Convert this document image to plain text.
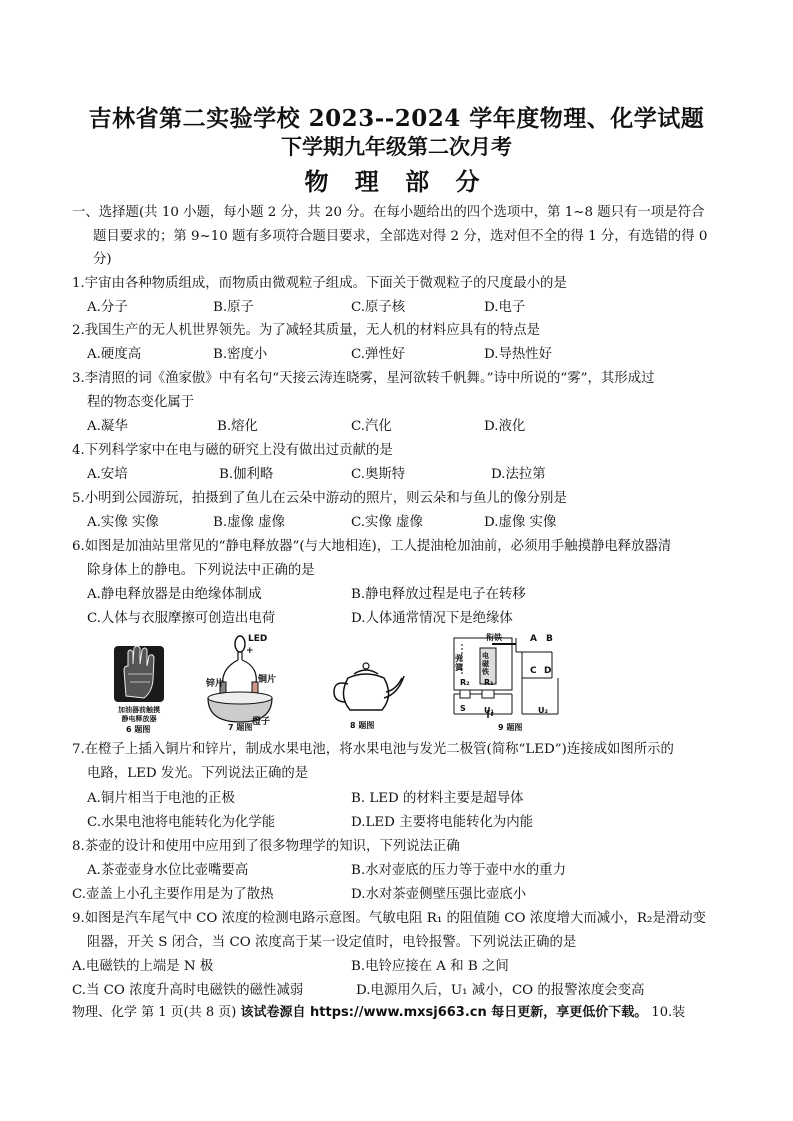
吉林省第二实验学校 2023--2024 学年度物理、化学试题
下学期九年级第二次月考
物 理 部 分
一、选择题(共 10 小题，每小题 2 分，共 20 分。在每小题给出的四个选项中，第 1~8 题只有一项是符合
题目要求的；第 9~10 题有多项符合题目要求，全部选对得 2 分，选对但不全的得 1 分，有选错的得 0
分)
1.宇宙由各种物质组成，而物质由微观粒子组成。下面关于微观粒子的尺度最小的是
A.分子	B.原子	C.原子核	D.电子
2.我国生产的无人机世界领先。为了减轻其质量，无人机的材料应具有的特点是
A.硬度高	B.密度小	C.弹性好	D.导热性好
3.李清照的词《渔家傲》中有名句“天接云涛连晓雾，星河欲转千帆舞。”诗中所说的“雾”，其形成过
程的物态变化属于
A.凝华	B.熔化	C.汽化	D.液化
4.下列科学家中在电与磁的研究上没有做出过贡献的是
A.安培	B.伽利略	C.奥斯特	D.法拉第
5.小明到公园游玩，拍摄到了鱼儿在云朵中游动的照片，则云朵和与鱼儿的像分别是
A.实像 实像	B.虚像 虚像	C.实像 虚像	D.虚像 实像
6.如图是加油站里常见的“静电释放器”(与大地相连)，工人提油枪加油前，必须用手触摸静电释放器清
除身体上的静电。下列说法中正确的是
A.静电释放器是由绝缘体制成	B.静电释放过程是电子在转移
C.人体与衣服摩擦可创造出电荷	D.人体通常情况下是绝缘体
加油器前触摸
静电释放器
6 题图
LED
+
锌片	铜片
橙子
7 题图	8 题图
衔铁
弹簧
电磁铁
A B
C D
R₂ R₁
S U₁	U₂
9 题图
7.在橙子上插入铜片和锌片，制成水果电池，将水果电池与发光二极管(简称“LED”)连接成如图所示的
电路，LED 发光。下列说法正确的是
A.铜片相当于电池的正极	B. LED 的材料主要是超导体
C.水果电池将电能转化为化学能	D.LED 主要将电能转化为内能
8.茶壶的设计和使用中应用到了很多物理学的知识，下列说法正确
A.茶壶壶身水位比壶嘴要高	B.水对壶底的压力等于壶中水的重力
C.壶盖上小孔主要作用是为了散热	D.水对茶壶侧壁压强比壶底小
9.如图是汽车尾气中 CO 浓度的检测电路示意图。气敏电阻 R₁ 的阻值随 CO 浓度增大而减小，R₂是滑动变
阻器，开关 S 闭合，当 CO 浓度高于某一设定值时，电铃报警。下列说法正确的是
A.电磁铁的上端是 N 极	B.电铃应接在 A 和 B 之间
C.当 CO 浓度升高时电磁铁的磁性减弱	D.电源用久后，U₁ 减小，CO 的报警浓度会变高
物理、化学 第 1 页(共 8 页) 该试卷源自 https://www.mxsj663.cn 每日更新，享更低价下载。 10.装
